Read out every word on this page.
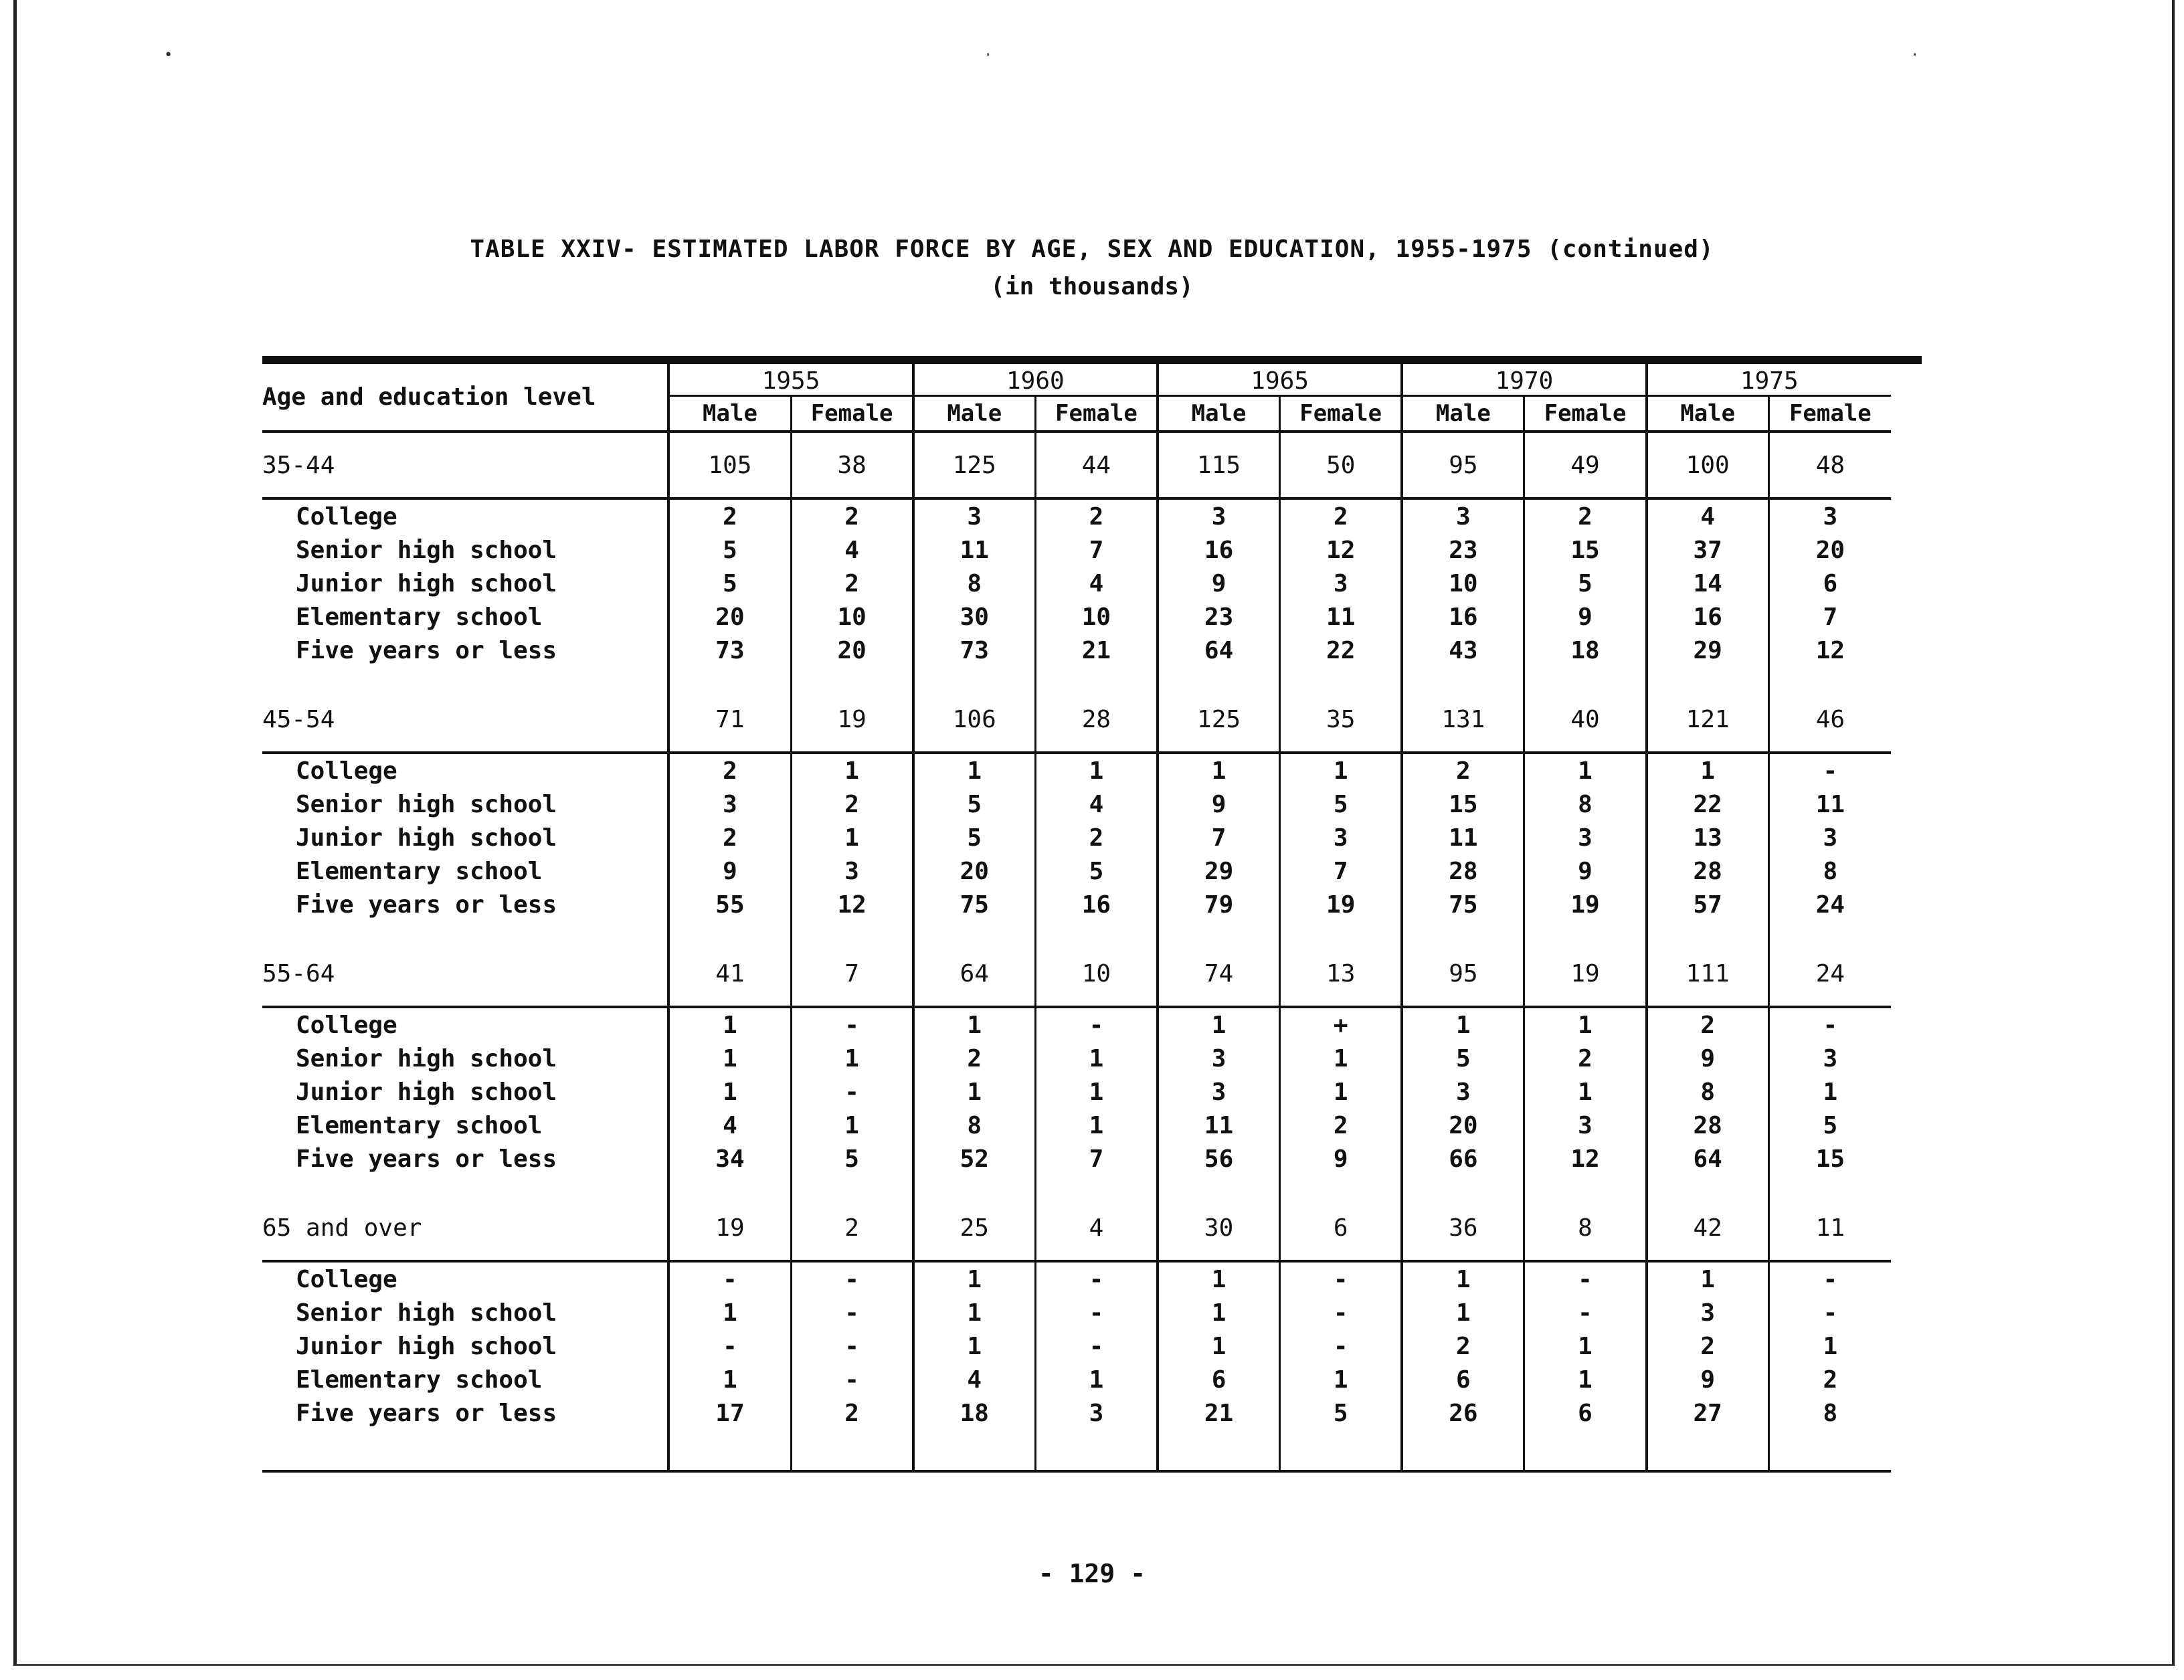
•	·	·
TABLE XXIV- ESTIMATED LABOR FORCE BY AGE, SEX AND EDUCATION, 1955-1975 (continued)
(in thousands)
Age and education level	1955		1960		1965		1970		1975	
	Male	Female	Male	Female	Male	Female	Male	Female	Male	Female
35-44	105	38	125	44	115	50	95	49	100	48
College	2	2	3	2	3	2	3	2	4	3
Senior high school	5	4	11	7	16	12	23	15	37	20
Junior high school	5	2	8	4	9	3	10	5	14	6
Elementary school	20	10	30	10	23	11	16	9	16	7
Five years or less	73	20	73	21	64	22	43	18	29	12

45-54	71	19	106	28	125	35	131	40	121	46
College	2	1	1	1	1	1	2	1	1	-
Senior high school	3	2	5	4	9	5	15	8	22	11
Junior high school	2	1	5	2	7	3	11	3	13	3
Elementary school	9	3	20	5	29	7	28	9	28	8
Five years or less	55	12	75	16	79	19	75	19	57	24

55-64	41	7	64	10	74	13	95	19	111	24
College	1	-	1	-	1	+	1	1	2	-
Senior high school	1	1	2	1	3	1	5	2	9	3
Junior high school	1	-	1	1	3	1	3	1	8	1
Elementary school	4	1	8	1	11	2	20	3	28	5
Five years or less	34	5	52	7	56	9	66	12	64	15

65 and over	19	2	25	4	30	6	36	8	42	11
College	-	-	1	-	1	-	1	-	1	-
Senior high school	1	-	1	-	1	-	1	-	3	-
Junior high school	-	-	1	-	1	-	2	1	2	1
Elementary school	1	-	4	1	6	1	6	1	9	2
Five years or less	17	2	18	3	21	5	26	6	27	8

- 129 -
